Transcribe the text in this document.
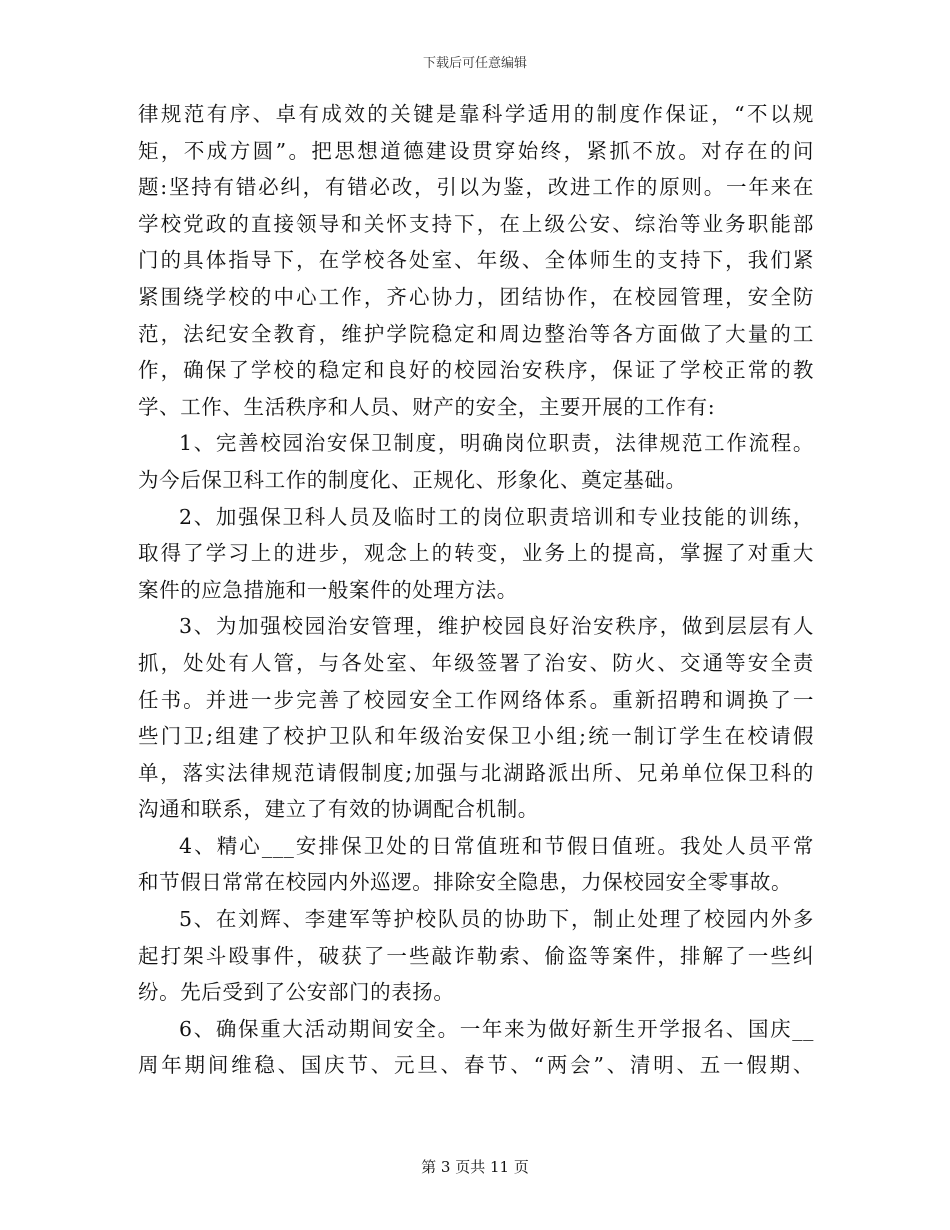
下载后可任意编辑
律规范有序、卓有成效的关键是靠科学适用的制度作保证，“不以规
矩，不成方圆”。把思想道德建设贯穿始终，紧抓不放。对存在的问
题:坚持有错必纠，有错必改，引以为鉴，改进工作的原则。一年来在
学校党政的直接领导和关怀支持下，在上级公安、综治等业务职能部
门的具体指导下，在学校各处室、年级、全体师生的支持下，我们紧
紧围绕学校的中心工作，齐心协力，团结协作，在校园管理，安全防
范，法纪安全教育，维护学院稳定和周边整治等各方面做了大量的工
作，确保了学校的稳定和良好的校园治安秩序，保证了学校正常的教
学、工作、生活秩序和人员、财产的安全，主要开展的工作有:
1、完善校园治安保卫制度，明确岗位职责，法律规范工作流程。
为今后保卫科工作的制度化、正规化、形象化、奠定基础。
2、加强保卫科人员及临时工的岗位职责培训和专业技能的训练，
取得了学习上的进步，观念上的转变，业务上的提高，掌握了对重大
案件的应急措施和一般案件的处理方法。
3、为加强校园治安管理，维护校园良好治安秩序，做到层层有人
抓，处处有人管，与各处室、年级签署了治安、防火、交通等安全责
任书。并进一步完善了校园安全工作网络体系。重新招聘和调换了一
些门卫;组建了校护卫队和年级治安保卫小组;统一制订学生在校请假
单，落实法律规范请假制度;加强与北湖路派出所、兄弟单位保卫科的
沟通和联系，建立了有效的协调配合机制。
4、精心___安排保卫处的日常值班和节假日值班。我处人员平常
和节假日常常在校园内外巡逻。排除安全隐患，力保校园安全零事故。
5、在刘辉、李建军等护校队员的协助下，制止处理了校园内外多
起打架斗殴事件，破获了一些敲诈勒索、偷盗等案件，排解了一些纠
纷。先后受到了公安部门的表扬。
6、确保重大活动期间安全。一年来为做好新生开学报名、国庆__
周年期间维稳、国庆节、元旦、春节、“两会”、清明、五一假期、
第 3 页共 11 页
